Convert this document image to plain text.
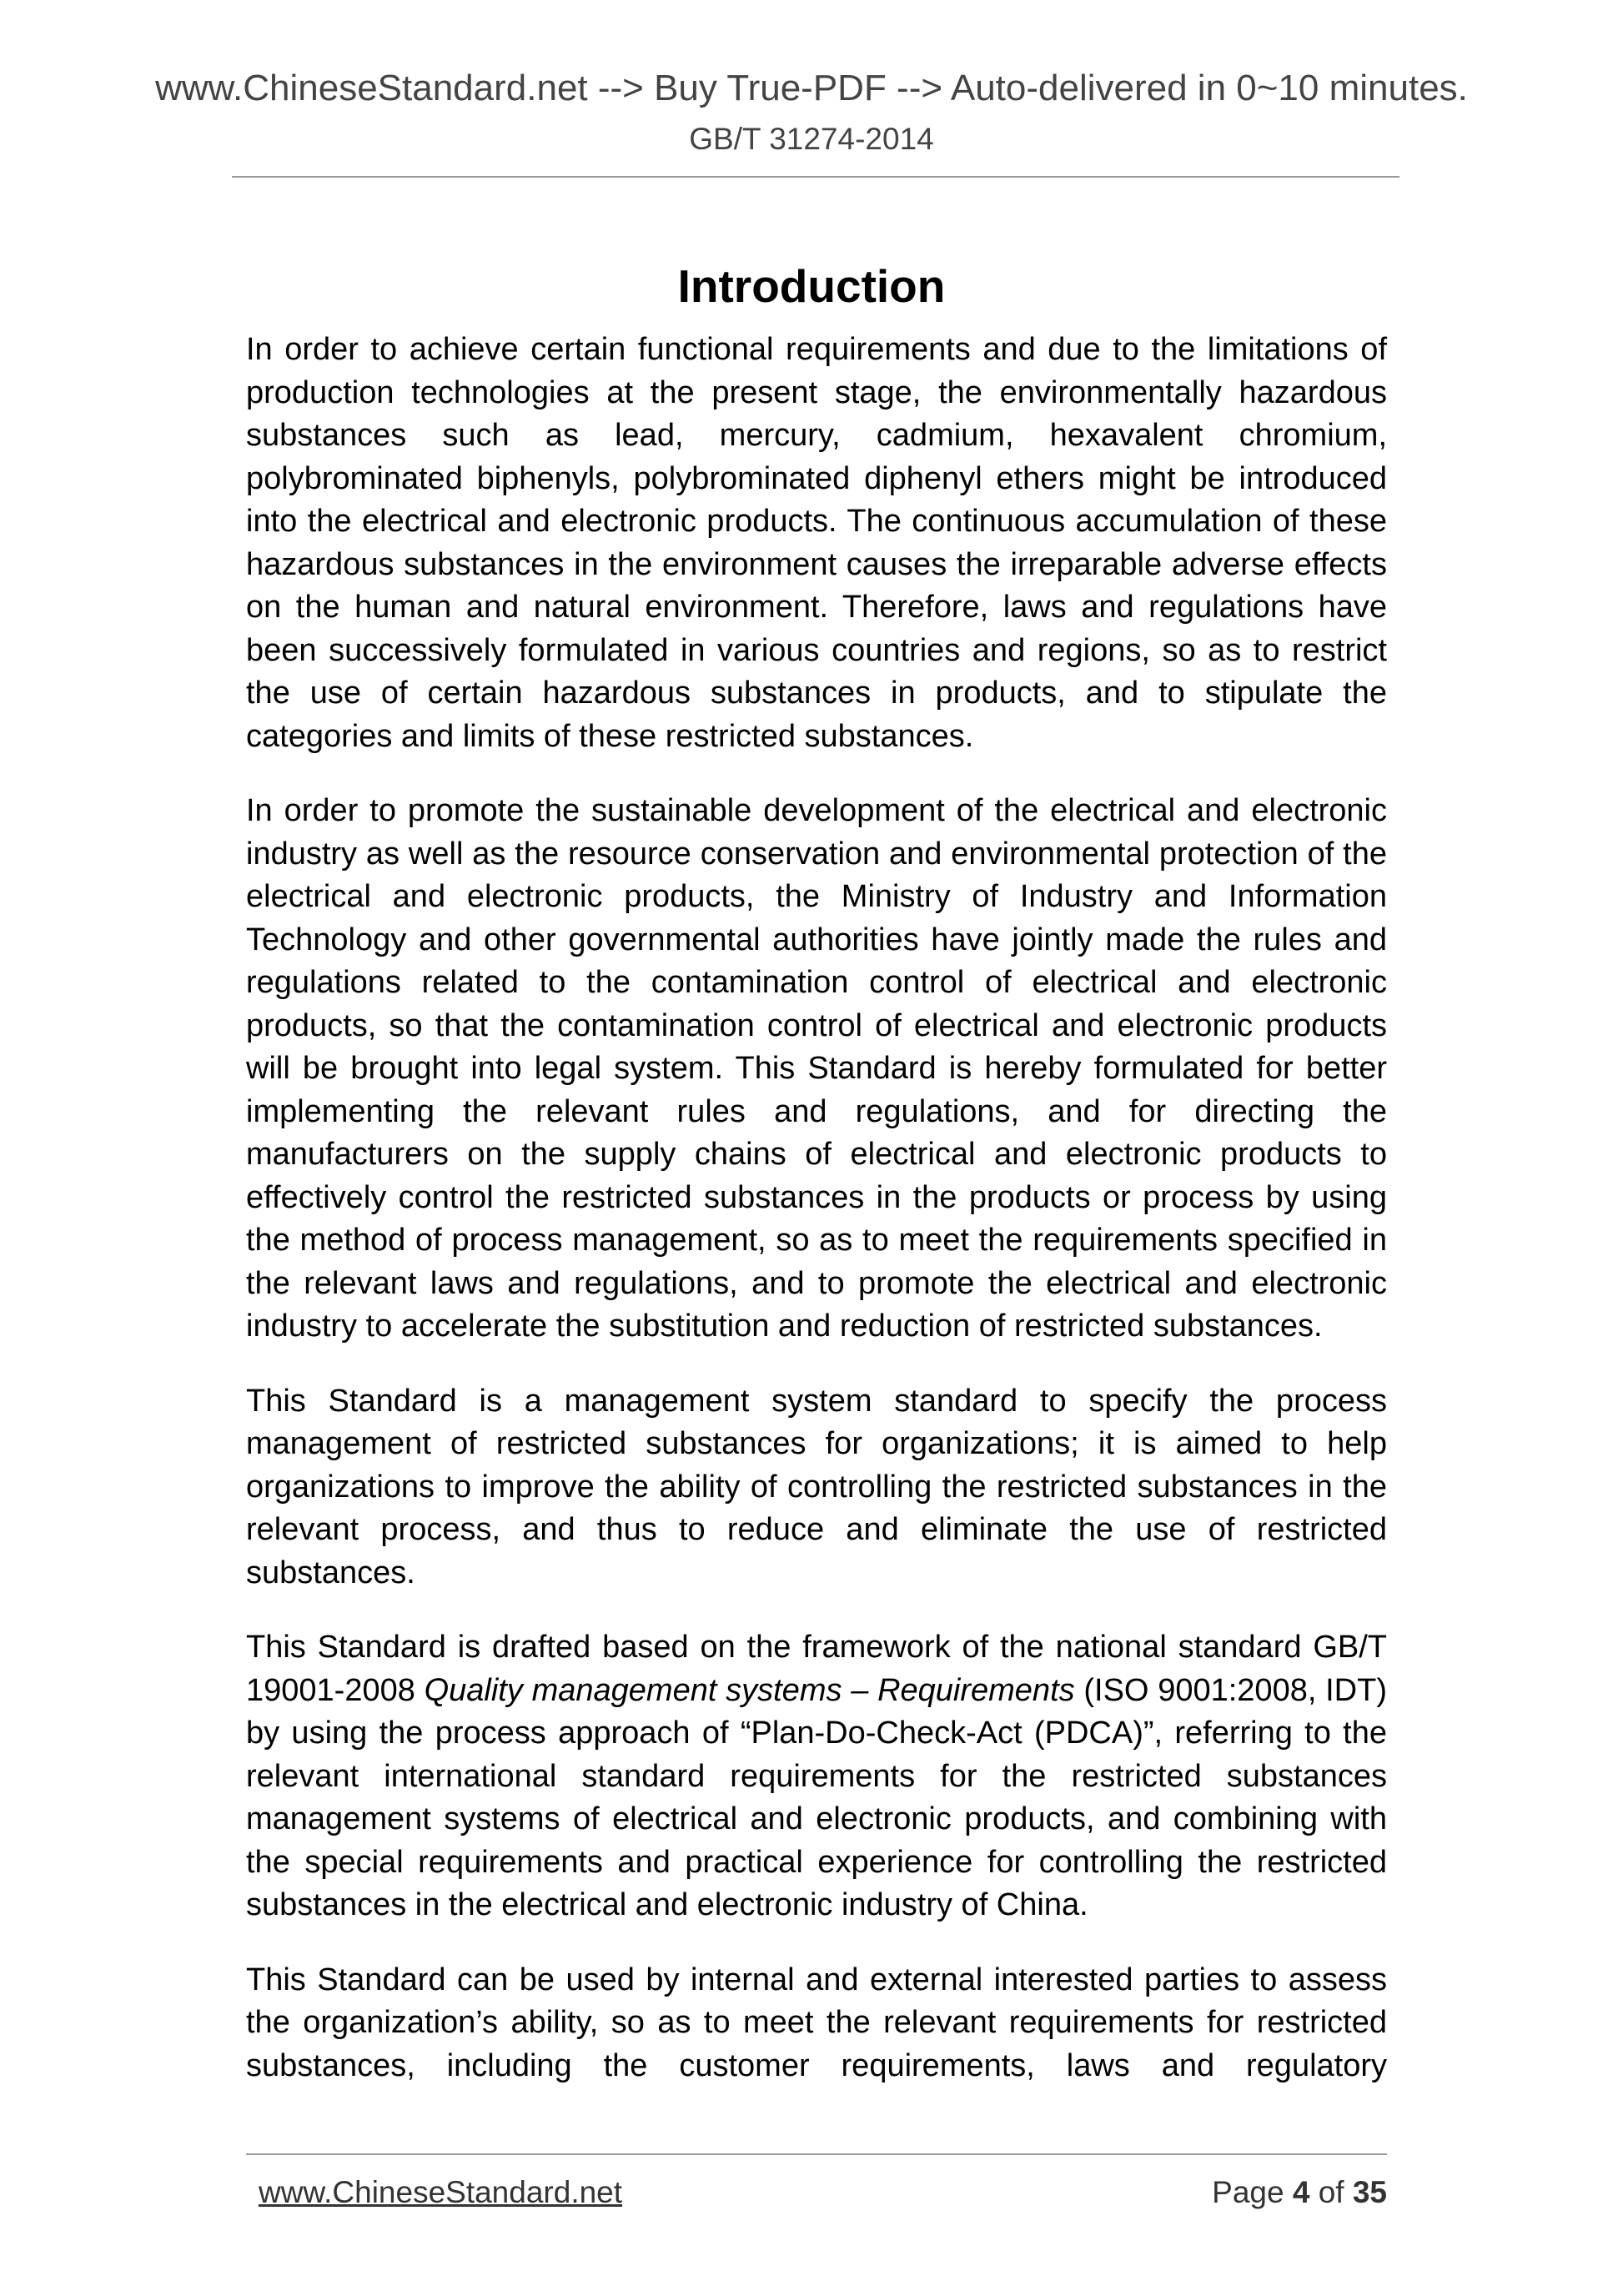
www.ChineseStandard.net --> Buy True-PDF --> Auto-delivered in 0~10 minutes.
GB/T 31274-2014
Introduction

In order to achieve certain functional requirements and due to the limitations of production technologies at the present stage, the environmentally hazardous substances such as lead, mercury, cadmium, hexavalent chromium, polybrominated biphenyls, polybrominated diphenyl ethers might be introduced into the electrical and electronic products. The continuous accumulation of these hazardous substances in the environment causes the irreparable adverse effects on the human and natural environment. Therefore, laws and regulations have been successively formulated in various countries and regions, so as to restrict the use of certain hazardous substances in products, and to stipulate the categories and limits of these restricted substances.

In order to promote the sustainable development of the electrical and electronic industry as well as the resource conservation and environmental protection of the electrical and electronic products, the Ministry of Industry and Information Technology and other governmental authorities have jointly made the rules and regulations related to the contamination control of electrical and electronic products, so that the contamination control of electrical and electronic products will be brought into legal system. This Standard is hereby formulated for better implementing the relevant rules and regulations, and for directing the manufacturers on the supply chains of electrical and electronic products to effectively control the restricted substances in the products or process by using the method of process management, so as to meet the requirements specified in the relevant laws and regulations, and to promote the electrical and electronic industry to accelerate the substitution and reduction of restricted substances.

This Standard is a management system standard to specify the process management of restricted substances for organizations; it is aimed to help organizations to improve the ability of controlling the restricted substances in the relevant process, and thus to reduce and eliminate the use of restricted substances.

This Standard is drafted based on the framework of the national standard GB/T 19001-2008 Quality management systems – Requirements (ISO 9001:2008, IDT) by using the process approach of “Plan-Do-Check-Act (PDCA)”, referring to the relevant international standard requirements for the restricted substances management systems of electrical and electronic products, and combining with the special requirements and practical experience for controlling the restricted substances in the electrical and electronic industry of China.

This Standard can be used by internal and external interested parties to assess the organization’s ability, so as to meet the relevant requirements for restricted substances, including the customer requirements, laws and regulatory

www.ChineseStandard.net	Page 4 of 35
